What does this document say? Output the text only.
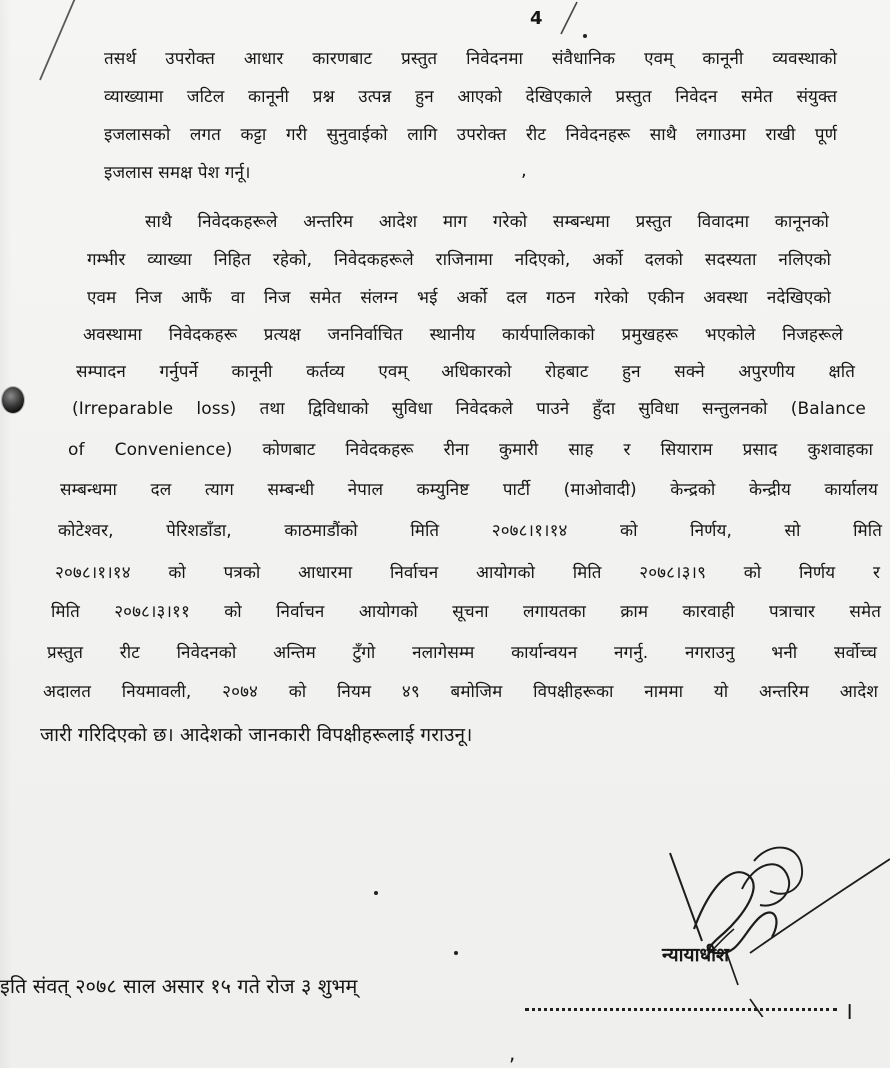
4
,
तसर्थ उपरोक्त आधार कारणबाट प्रस्तुत निवेदनमा संवैधानिक एवम् कानूनी व्यवस्थाको
व्याख्यामा जटिल कानूनी प्रश्न उत्पन्न हुन आएको देखिएकाले प्रस्तुत निवेदन समेत संयुक्त
इजलासको लगत कट्टा गरी सुनुवाईको लागि उपरोक्त रीट निवेदनहरू साथै लगाउमा राखी पूर्ण
इजलास समक्ष पेश गर्नू।
साथै निवेदकहरूले अन्तरिम आदेश माग गरेको सम्बन्धमा प्रस्तुत विवादमा कानूनको
गम्भीर व्याख्या निहित रहेको, निवेदकहरूले राजिनामा नदिएको, अर्को दलको सदस्यता नलिएको
एवम निज आफैं वा निज समेत संलग्न भई अर्को दल गठन गरेको एकीन अवस्था नदेखिएको
अवस्थामा निवेदकहरू प्रत्यक्ष जननिर्वाचित स्थानीय कार्यपालिकाको प्रमुखहरू भएकोले निजहरूले
सम्पादन गर्नुपर्ने कानूनी कर्तव्य एवम् अधिकारको रोहबाट हुन सक्ने अपुरणीय क्षति
(Irreparable loss) तथा द्विविधाको सुविधा निवेदकले पाउने हुँदा सुविधा सन्तुलनको (Balance
of Convenience) कोणबाट निवेदकहरू रीना कुमारी साह र सियाराम प्रसाद कुशवाहका
सम्बन्धमा दल त्याग सम्बन्धी नेपाल कम्युनिष्ट पार्टी (माओवादी) केन्द्रको केन्द्रीय कार्यालय
कोटेश्वर, पेरिशडाँडा, काठमाडौंको मिति २०७८।१।१४ को निर्णय, सो मिति
२०७८।१।१४ को पत्रको आधारमा निर्वाचन आयोगको मिति २०७८।३।९ को निर्णय र
मिति २०७८।३।११ को निर्वाचन आयोगको सूचना लगायतका क्राम कारवाही पत्राचार समेत
प्रस्तुत रीट निवेदनको अन्तिम टुँगो नलागेसम्म कार्यान्वयन नगर्नु. नगराउनु भनी सर्वोच्च
अदालत नियमावली, २०७४ को नियम ४९ बमोजिम विपक्षीहरूका नाममा यो अन्तरिम आदेश
जारी गरिदिएको छ। आदेशको जानकारी विपक्षीहरूलाई गराउनू।
न्यायाधीश
इति संवत् २०७८ साल असार १५ गते रोज ३ शुभम्
।
,
